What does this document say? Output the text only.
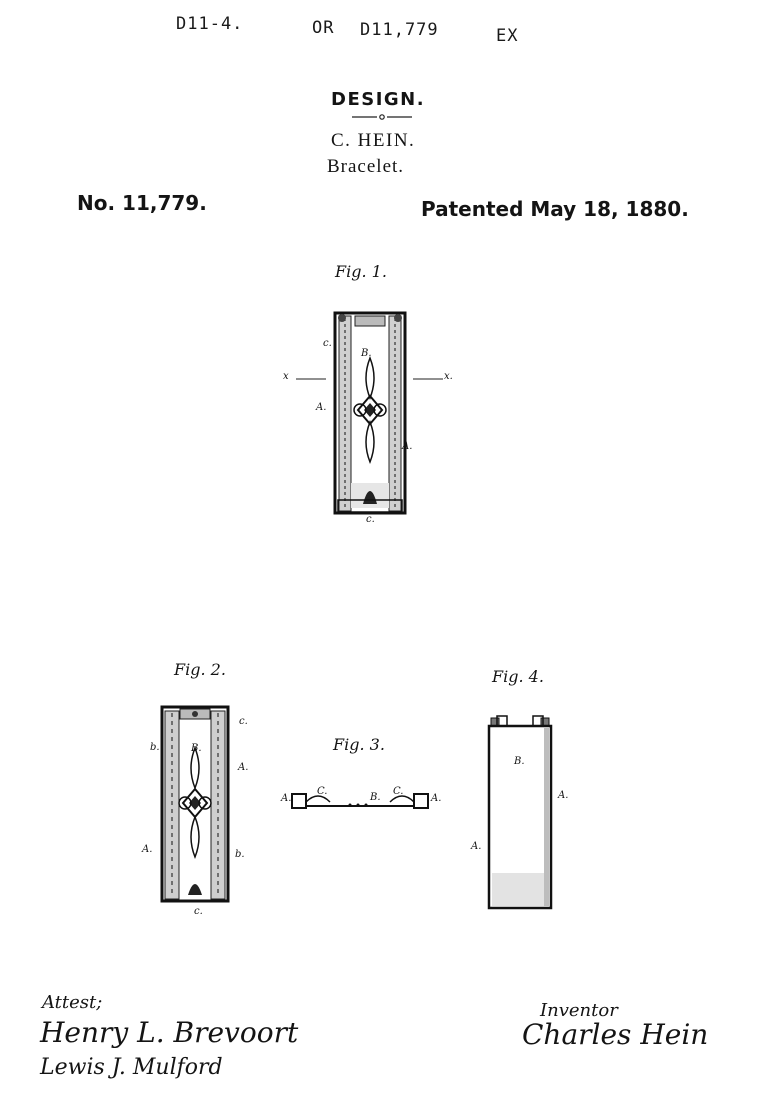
D11-4.	OR D11,779	EX
DESIGN.
C. HEIN.
Bracelet.
No. 11,779.	Patented May 18, 1880.
Fig. 1.
c.
B.
x	x.
A.
A.
c.
Fig. 2.
c.
b.	B.
A.
A.	b.
c.
Fig. 3.
A.
C.
B.
C.
A.
Fig. 4.
B.
A.
A.
Attest;
Henry L. Brevoort
Lewis J. Mulford
Inventor
Charles Hein
